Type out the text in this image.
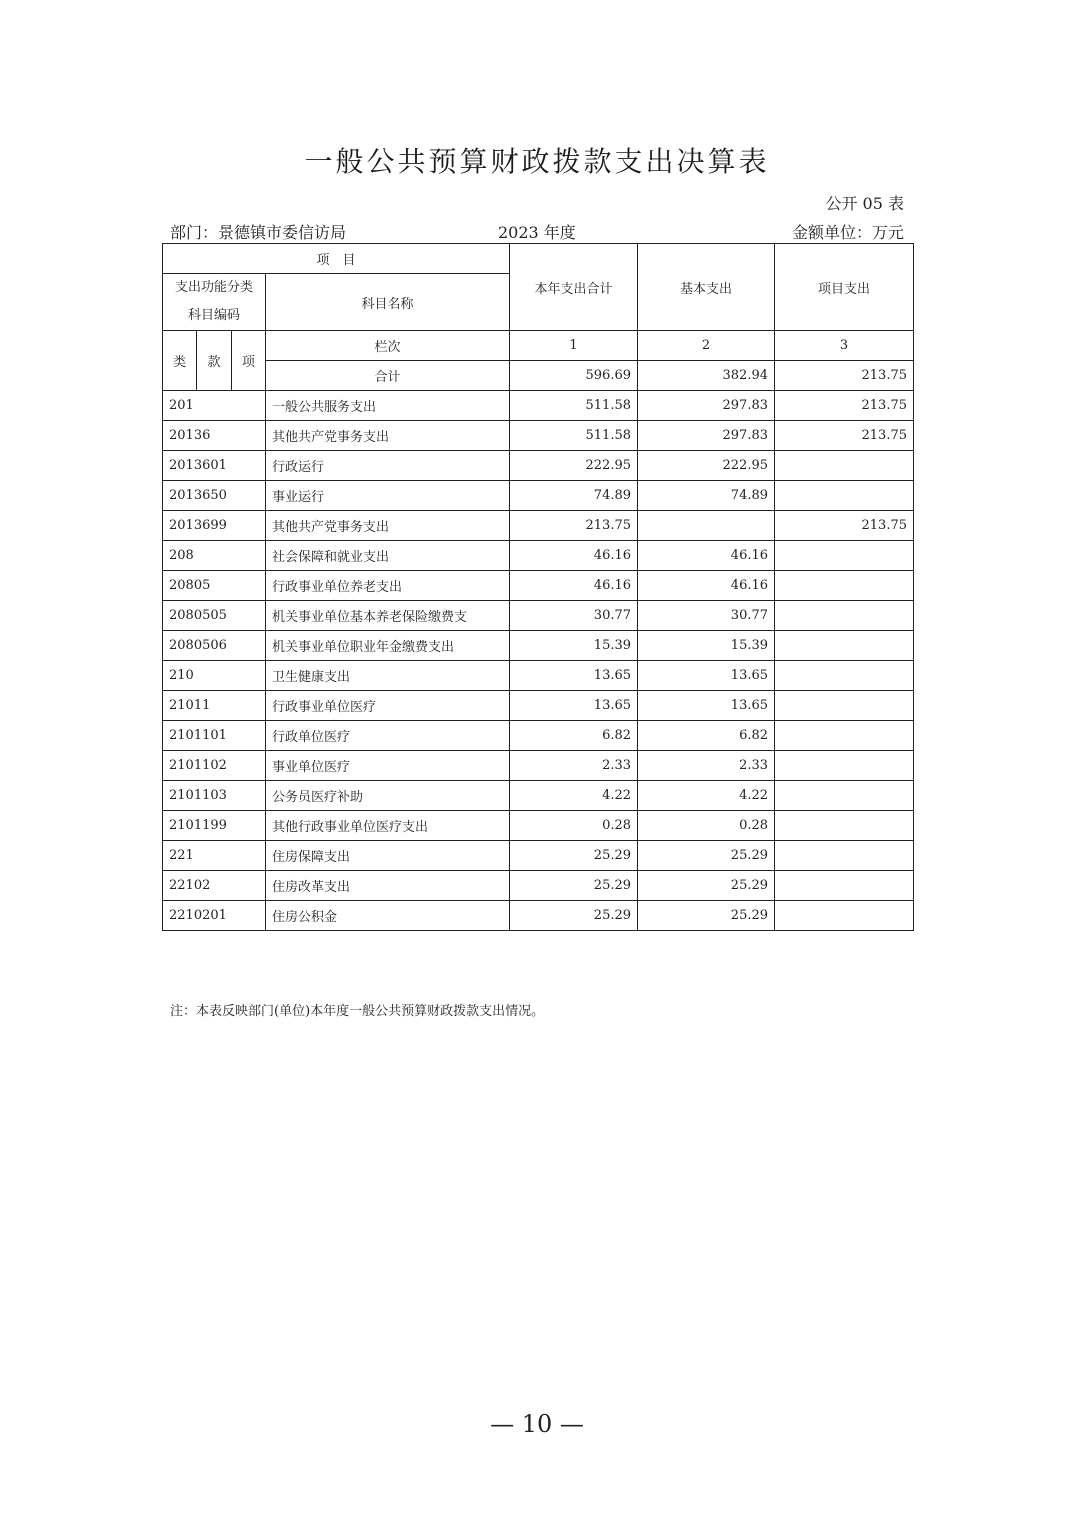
一般公共预算财政拨款支出决算表
公开 05 表
部门：景德镇市委信访局	2023 年度	金额单位：万元
项　目				本年支出合计	基本支出	项目支出

支出功能分类
科目编码			科目名称			
类	款	项	栏次	1	2	3
			合计	596.69	382.94	213.75
201			一般公共服务支出	511.58	297.83	213.75
20136			其他共产党事务支出	511.58	297.83	213.75
2013601			行政运行	222.95	222.95	
2013650			事业运行	74.89	74.89	
2013699			其他共产党事务支出	213.75		213.75
208			社会保障和就业支出	46.16	46.16	
20805			行政事业单位养老支出	46.16	46.16	
2080505			机关事业单位基本养老保险缴费支	30.77	30.77	
2080506			机关事业单位职业年金缴费支出	15.39	15.39	
210			卫生健康支出	13.65	13.65	
21011			行政事业单位医疗	13.65	13.65	
2101101			行政单位医疗	6.82	6.82	
2101102			事业单位医疗	2.33	2.33	
2101103			公务员医疗补助	4.22	4.22	
2101199			其他行政事业单位医疗支出	0.28	0.28	
221			住房保障支出	25.29	25.29	
22102			住房改革支出	25.29	25.29	
2210201			住房公积金	25.29	25.29	
注：本表反映部门(单位)本年度一般公共预算财政拨款支出情况。
— 10 —
